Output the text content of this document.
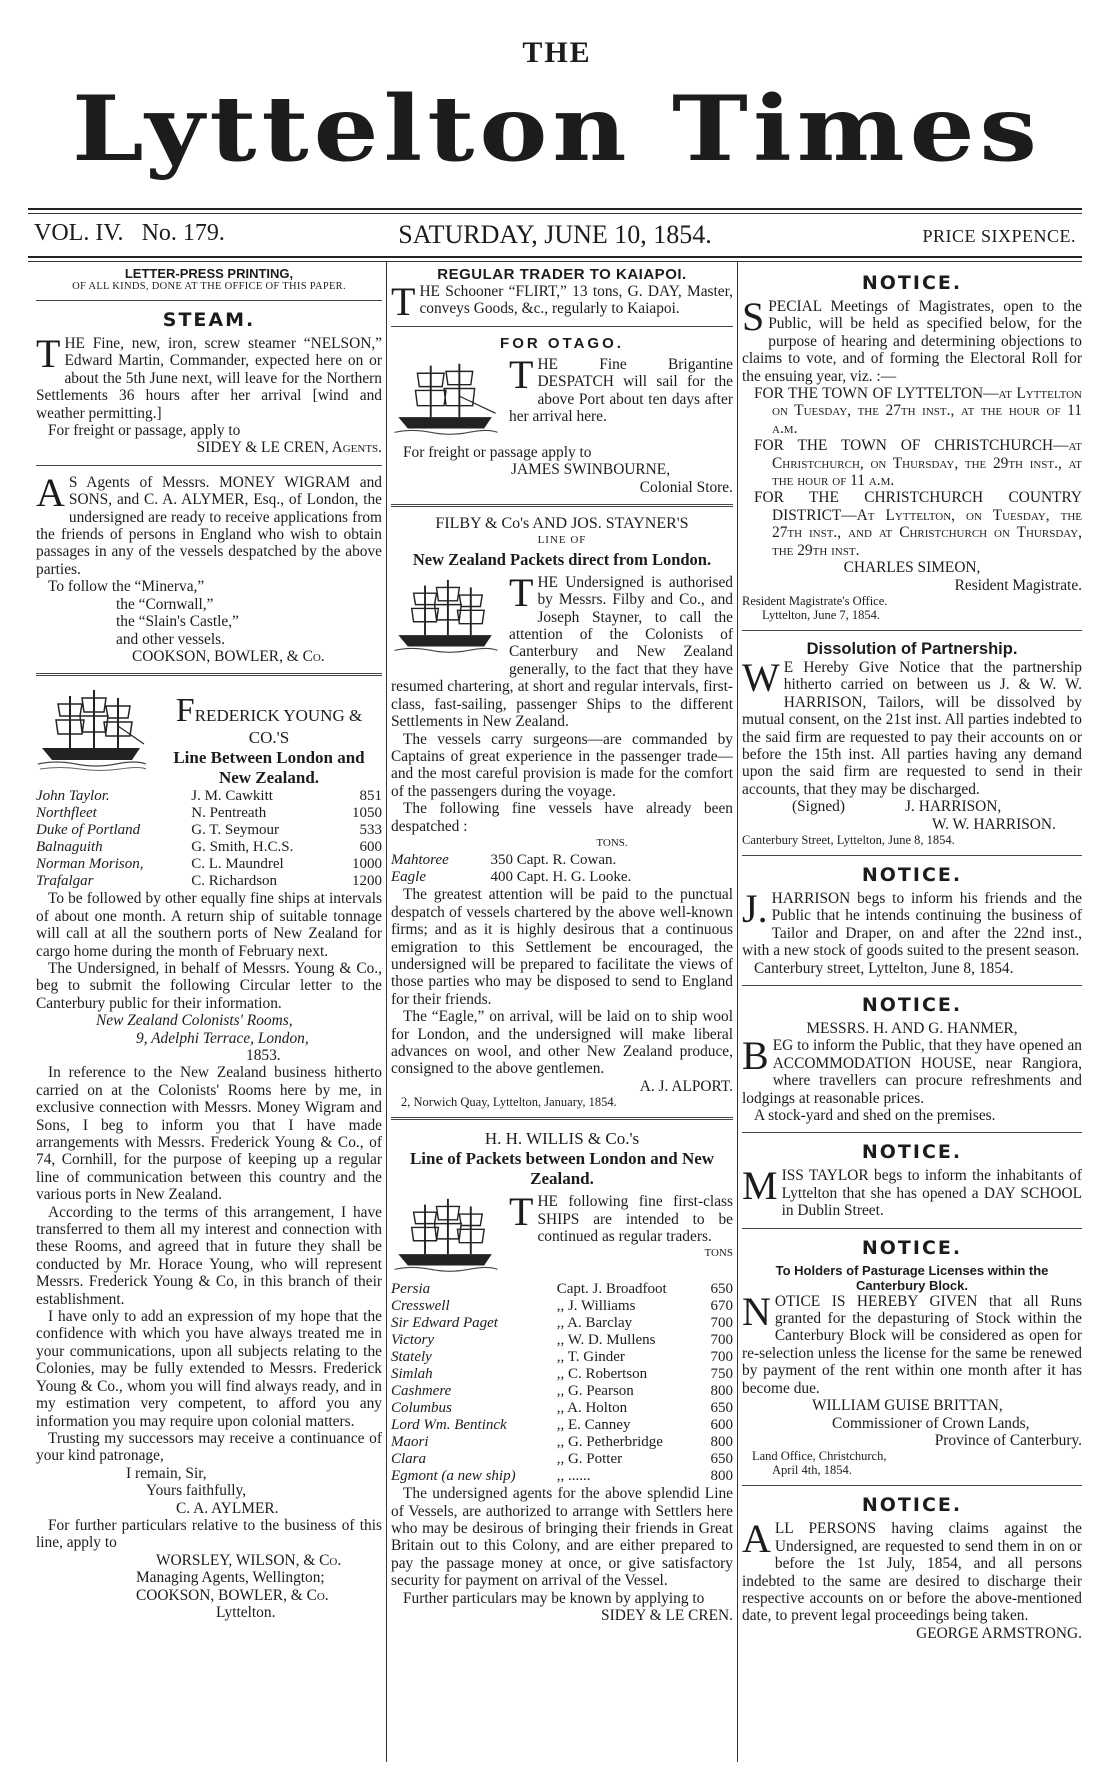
THE
Lyttelton Times
VOL. IV. No. 179.	SATURDAY, JUNE 10, 1854.	PRICE SIXPENCE.
LETTER-PRESS PRINTING,
OF ALL KINDS, DONE AT THE OFFICE OF THIS PAPER.
STEAM.

THE Fine, new, iron, screw steamer “NELSON,” Edward Martin, Commander, expected here on or about the 5th June next, will leave for the Northern Settlements 36 hours after her arrival [wind and weather permitting.]

For freight or passage, apply to

SIDEY & LE CREN, Agents.

A S Agents of Messrs. MONEY WIGRAM and SONS, and C. A. ALYMER, Esq., of London, the undersigned are ready to receive applications from the friends of persons in England who wish to obtain passages in any of the vessels despatched by the above parties.

To follow the “Minerva,”

the “Cornwall,”

the “Slain's Castle,”

and other vessels.

COOKSON, BOWLER, & Co.

FREDERICK YOUNG & CO.'S

Line Between London and New Zealand.

John Taylor.	J. M. Cawkitt	851
Northfleet	N. Pentreath	1050
Duke of Portland	G. T. Seymour	533
Balnaguith	G. Smith, H.C.S.	600
Norman Morison,	C. L. Maundrel	1000
Trafalgar	C. Richardson	1200

To be followed by other equally fine ships at intervals of about one month. A return ship of suitable tonnage will call at all the southern ports of New Zealand for cargo home during the month of February next.

The Undersigned, in behalf of Messrs. Young & Co., beg to submit the following Circular letter to the Canterbury public for their information.

New Zealand Colonists' Rooms,

9, Adelphi Terrace, London,

1853.

In reference to the New Zealand business hitherto carried on at the Colonists' Rooms here by me, in exclusive connection with Messrs. Money Wigram and Sons, I beg to inform you that I have made arrangements with Messrs. Frederick Young & Co., of 74, Cornhill, for the purpose of keeping up a regular line of communication between this country and the various ports in New Zealand.

According to the terms of this arrangement, I have transferred to them all my interest and connection with these Rooms, and agreed that in future they shall be conducted by Mr. Horace Young, who will represent Messrs. Frederick Young & Co, in this branch of their establishment.

I have only to add an expression of my hope that the confidence with which you have always treated me in your communications, upon all subjects relating to the Colonies, may be fully extended to Messrs. Frederick Young & Co., whom you will find always ready, and in my estimation very competent, to afford you any information you may require upon colonial matters.

Trusting my successors may receive a continuance of your kind patronage,

I remain, Sir,

Yours faithfully,

C. A. AYLMER.

For further particulars relative to the business of this line, apply to

WORSLEY, WILSON, & Co.

Managing Agents, Wellington;

COOKSON, BOWLER, & Co.

Lyttelton.

REGULAR TRADER TO KAIAPOI.

THE Schooner “FLIRT,” 13 tons, G. DAY, Master, conveys Goods, &c., regularly to Kaiapoi.

FOR OTAGO.

THE Fine Brigantine DESPATCH will sail for the above Port about ten days after her arrival here.

For freight or passage apply to

JAMES SWINBOURNE,

Colonial Store.

FILBY & Co's AND JOS. STAYNER'S

LINE OF

New Zealand Packets direct from London.

THE Undersigned is authorised by Messrs. Filby and Co., and Joseph Stayner, to call the attention of the Colonists of Canterbury and New Zealand generally, to the fact that they have resumed chartering, at short and regular intervals, first-class, fast-sailing, passenger Ships to the different Settlements in New Zealand.

The vessels carry surgeons—are commanded by Captains of great experience in the passenger trade—and the most careful provision is made for the comfort of the passengers during the voyage.

The following fine vessels have already been despatched :

TONS.

Mahtoree	350 Capt. R. Cowan.
Eagle	400 Capt. H. G. Looke.

The greatest attention will be paid to the punctual despatch of vessels chartered by the above well-known firms; and as it is highly desirous that a continuous emigration to this Settlement be encouraged, the undersigned will be prepared to facilitate the views of those parties who may be disposed to send to England for their friends.

The “Eagle,” on arrival, will be laid on to ship wool for London, and the undersigned will make liberal advances on wool, and other New Zealand produce, consigned to the above gentlemen.

A. J. ALPORT.

2, Norwich Quay, Lyttelton, January, 1854.

H. H. WILLIS & Co.'s

Line of Packets between London and New Zealand.

THE following fine first-class SHIPS are intended to be continued as regular traders.

TONS

Persia	Capt. J. Broadfoot	650
Cresswell	,, J. Williams	670
Sir Edward Paget	,, A. Barclay	700
Victory	,, W. D. Mullens	700
Stately	,, T. Ginder	700
Simlah	,, C. Robertson	750
Cashmere	,, G. Pearson	800
Columbus	,, A. Holton	650
Lord Wm. Bentinck	,, E. Canney	600
Maori	,, G. Petherbridge	800
Clara	,, G. Potter	650
Egmont (a new ship)	,, ......	800

The undersigned agents for the above splendid Line of Vessels, are authorized to arrange with Settlers here who may be desirous of bringing their friends in Great Britain out to this Colony, and are either prepared to pay the passage money at once, or give satisfactory security for payment on arrival of the Vessel.

Further particulars may be known by applying to

SIDEY & LE CREN.

NOTICE.

SPECIAL Meetings of Magistrates, open to the Public, will be held as specified below, for the purpose of hearing and determining objections to claims to vote, and of forming the Electoral Roll for the ensuing year, viz. :—

FOR THE TOWN OF LYTTELTON—at Lyttelton on Tuesday, the 27th inst., at the hour of 11 a.m.

FOR THE TOWN OF CHRISTCHURCH—at Christchurch, on Thursday, the 29th inst., at the hour of 11 a.m.

FOR THE CHRISTCHURCH COUNTRY DISTRICT—At Lyttelton, on Tuesday, the 27th inst., and at Christchurch on Thursday, the 29th inst.

CHARLES SIMEON,

Resident Magistrate.

Resident Magistrate's Office.

Lyttelton, June 7, 1854.

Dissolution of Partnership.

W E Hereby Give Notice that the partnership hitherto carried on between us J. & W. W. HARRISON, Tailors, will be dissolved by mutual consent, on the 21st inst. All parties indebted to the said firm are requested to pay their accounts on or before the 15th inst. All parties having any demand upon the said firm are requested to send in their accounts, that they may be discharged.

(Signed)	J. HARRISON,

W. W. HARRISON.

Canterbury Street, Lyttelton, June 8, 1854.

NOTICE.

J. HARRISON begs to inform his friends and the Public that he intends continuing the business of Tailor and Draper, on and after the 22nd inst., with a new stock of goods suited to the present season.

Canterbury street, Lyttelton, June 8, 1854.

NOTICE.

MESSRS. H. AND G. HANMER,

BEG to inform the Public, that they have opened an ACCOMMODATION HOUSE, near Rangiora, where travellers can procure refreshments and lodgings at reasonable prices.

A stock-yard and shed on the premises.

NOTICE.

MISS TAYLOR begs to inform the inhabitants of Lyttelton that she has opened a DAY SCHOOL in Dublin Street.

NOTICE.

To Holders of Pasturage Licenses within the Canterbury Block.

NOTICE IS HEREBY GIVEN that all Runs granted for the depasturing of Stock within the Canterbury Block will be considered as open for re-selection unless the license for the same be renewed by payment of the rent within one month after it has become due.

WILLIAM GUISE BRITTAN,

Commissioner of Crown Lands,

Province of Canterbury.

Land Office, Christchurch,

April 4th, 1854.

NOTICE.

ALL PERSONS having claims against the Undersigned, are requested to send them in on or before the 1st July, 1854, and all persons indebted to the same are desired to discharge their respective accounts on or before the above-mentioned date, to prevent legal proceedings being taken.

GEORGE ARMSTRONG.
